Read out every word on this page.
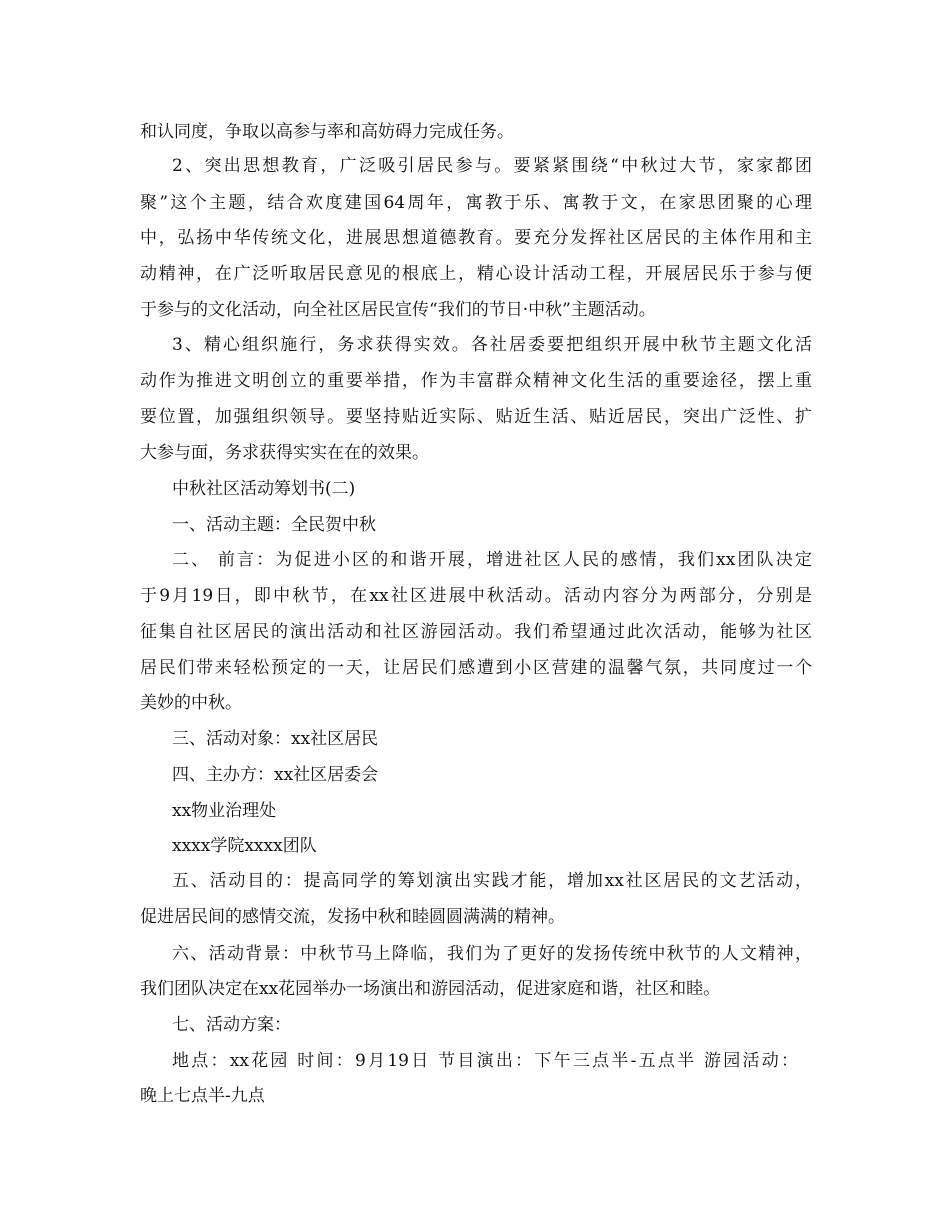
和认同度，争取以高参与率和高妨碍力完成任务。

2、突出思想教育，广泛吸引居民参与。要紧紧围绕“中秋过大节，家家都团

聚”这个主题，结合欢度建国64周年，寓教于乐、寓教于文，在家思团聚的心理

中，弘扬中华传统文化，进展思想道德教育。要充分发挥社区居民的主体作用和主

动精神，在广泛听取居民意见的根底上，精心设计活动工程，开展居民乐于参与便

于参与的文化活动，向全社区居民宣传“我们的节日·中秋”主题活动。

3、精心组织施行，务求获得实效。各社居委要把组织开展中秋节主题文化活

动作为推进文明创立的重要举措，作为丰富群众精神文化生活的重要途径，摆上重

要位置，加强组织领导。要坚持贴近实际、贴近生活、贴近居民，突出广泛性、扩

大参与面，务求获得实实在在的效果。

中秋社区活动筹划书(二)

一、活动主题：全民贺中秋

二、 前言：为促进小区的和谐开展，增进社区人民的感情，我们xx团队决定

于9月19日，即中秋节，在xx社区进展中秋活动。活动内容分为两部分，分别是

征集自社区居民的演出活动和社区游园活动。我们希望通过此次活动，能够为社区

居民们带来轻松预定的一天，让居民们感遭到小区营建的温馨气氛，共同度过一个

美妙的中秋。

三、活动对象：xx社区居民

四、主办方：xx社区居委会

xx物业治理处

xxxx学院xxxx团队

五、活动目的：提高同学的筹划演出实践才能，增加xx社区居民的文艺活动，

促进居民间的感情交流，发扬中秋和睦圆圆满满的精神。

六、活动背景：中秋节马上降临，我们为了更好的发扬传统中秋节的人文精神，

我们团队决定在xx花园举办一场演出和游园活动，促进家庭和谐，社区和睦。

七、活动方案：

地点：xx花园 时间：9月19日 节目演出：下午三点半-五点半 游园活动：

晚上七点半-九点
